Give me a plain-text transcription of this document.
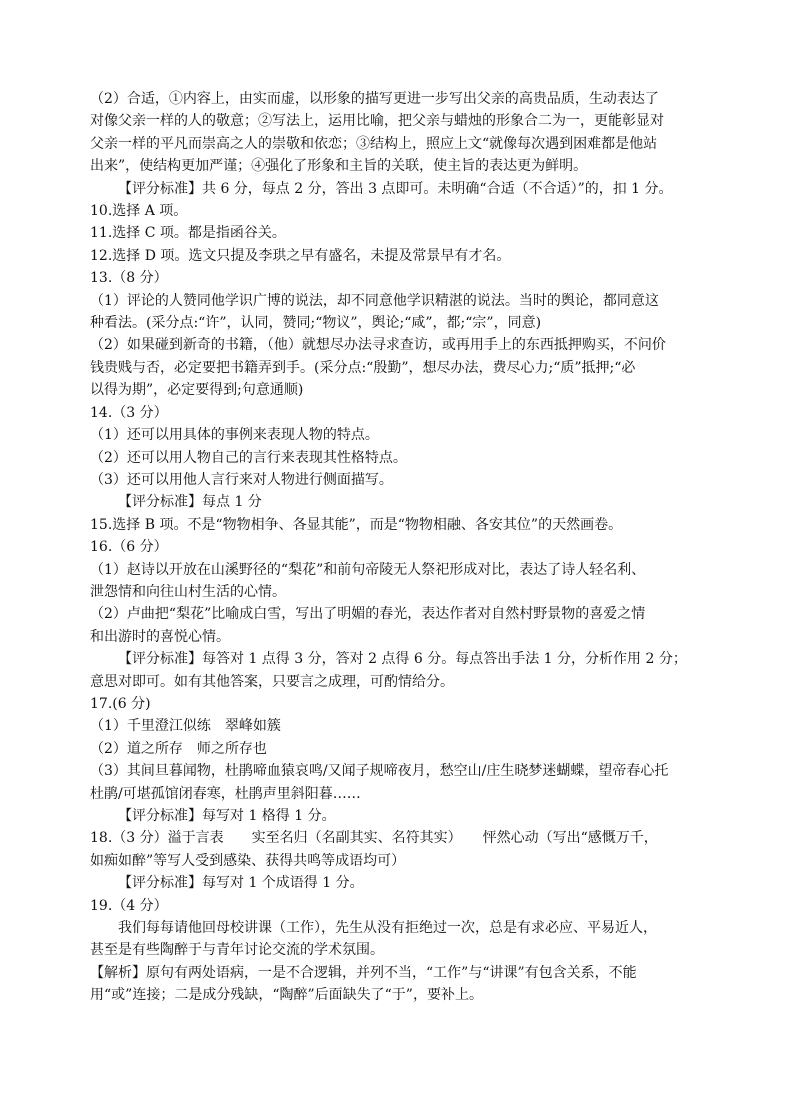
（2）合适，①内容上，由实而虚，以形象的描写更进一步写出父亲的高贵品质，生动表达了
对像父亲一样的人的敬意；②写法上，运用比喻，把父亲与蜡烛的形象合二为一，更能彰显对
父亲一样的平凡而崇高之人的崇敬和依恋；③结构上，照应上文“就像每次遇到困难都是他站
出来”，使结构更加严谨；④强化了形象和主旨的关联，使主旨的表达更为鲜明。
【评分标准】共 6 分，每点 2 分，答出 3 点即可。未明确“合适（不合适）”的，扣 1 分。
10.选择 A 项。
11.选择 C 项。都是指函谷关。
12.选择 D 项。选文只提及李珙之早有盛名，未提及常景早有才名。
13.（8 分）
（1）评论的人赞同他学识广博的说法，却不同意他学识精湛的说法。当时的舆论，都同意这
种看法。(采分点:“许”，认同，赞同;“物议”，舆论;“咸”，都;“宗”，同意)
（2）如果碰到新奇的书籍，（他）就想尽办法寻求查访，或再用手上的东西抵押购买，不问价
钱贵贱与否，必定要把书籍弄到手。(采分点:“殷勤”，想尽办法，费尽心力;“质”抵押;“必
以得为期”，必定要得到;句意通顺)
14.（3 分）
（1）还可以用具体的事例来表现人物的特点。
（2）还可以用人物自己的言行来表现其性格特点。
（3）还可以用他人言行来对人物进行侧面描写。
【评分标准】每点 1 分
15.选择 B 项。不是“物物相争、各显其能”，而是“物物相融、各安其位”的天然画卷。
16.（6 分）
（1）赵诗以开放在山溪野径的“梨花”和前句帝陵无人祭祀形成对比，表达了诗人轻名利、
泄怨情和向往山村生活的心情。
（2）卢曲把“梨花”比喻成白雪，写出了明媚的春光，表达作者对自然村野景物的喜爱之情
和出游时的喜悦心情。
【评分标准】每答对 1 点得 3 分，答对 2 点得 6 分。每点答出手法 1 分，分析作用 2 分；
意思对即可。如有其他答案，只要言之成理，可酌情给分。
17.(6 分)
（1）千里澄江似练　翠峰如簇
（2）道之所存　师之所存也
（3）其间旦暮闻物，杜鹃啼血猿哀鸣/又闻子规啼夜月，愁空山/庄生晓梦迷蝴蝶，望帝春心托
杜鹃/可堪孤馆闭春寒，杜鹃声里斜阳暮……
【评分标准】每写对 1 格得 1 分。
18.（3 分）溢于言表　　实至名归（名副其实、名符其实）　　怦然心动（写出“感慨万千，
如痴如醉”等写人受到感染、获得共鸣等成语均可）
【评分标准】每写对 1 个成语得 1 分。
19.（4 分）
我们每每请他回母校讲课（工作），先生从没有拒绝过一次，总是有求必应、平易近人，
甚至是有些陶醉于与青年讨论交流的学术氛围。
【解析】原句有两处语病，一是不合逻辑，并列不当，“工作”与“讲课”有包含关系，不能
用“或”连接；二是成分残缺，“陶醉”后面缺失了“于”，要补上。
